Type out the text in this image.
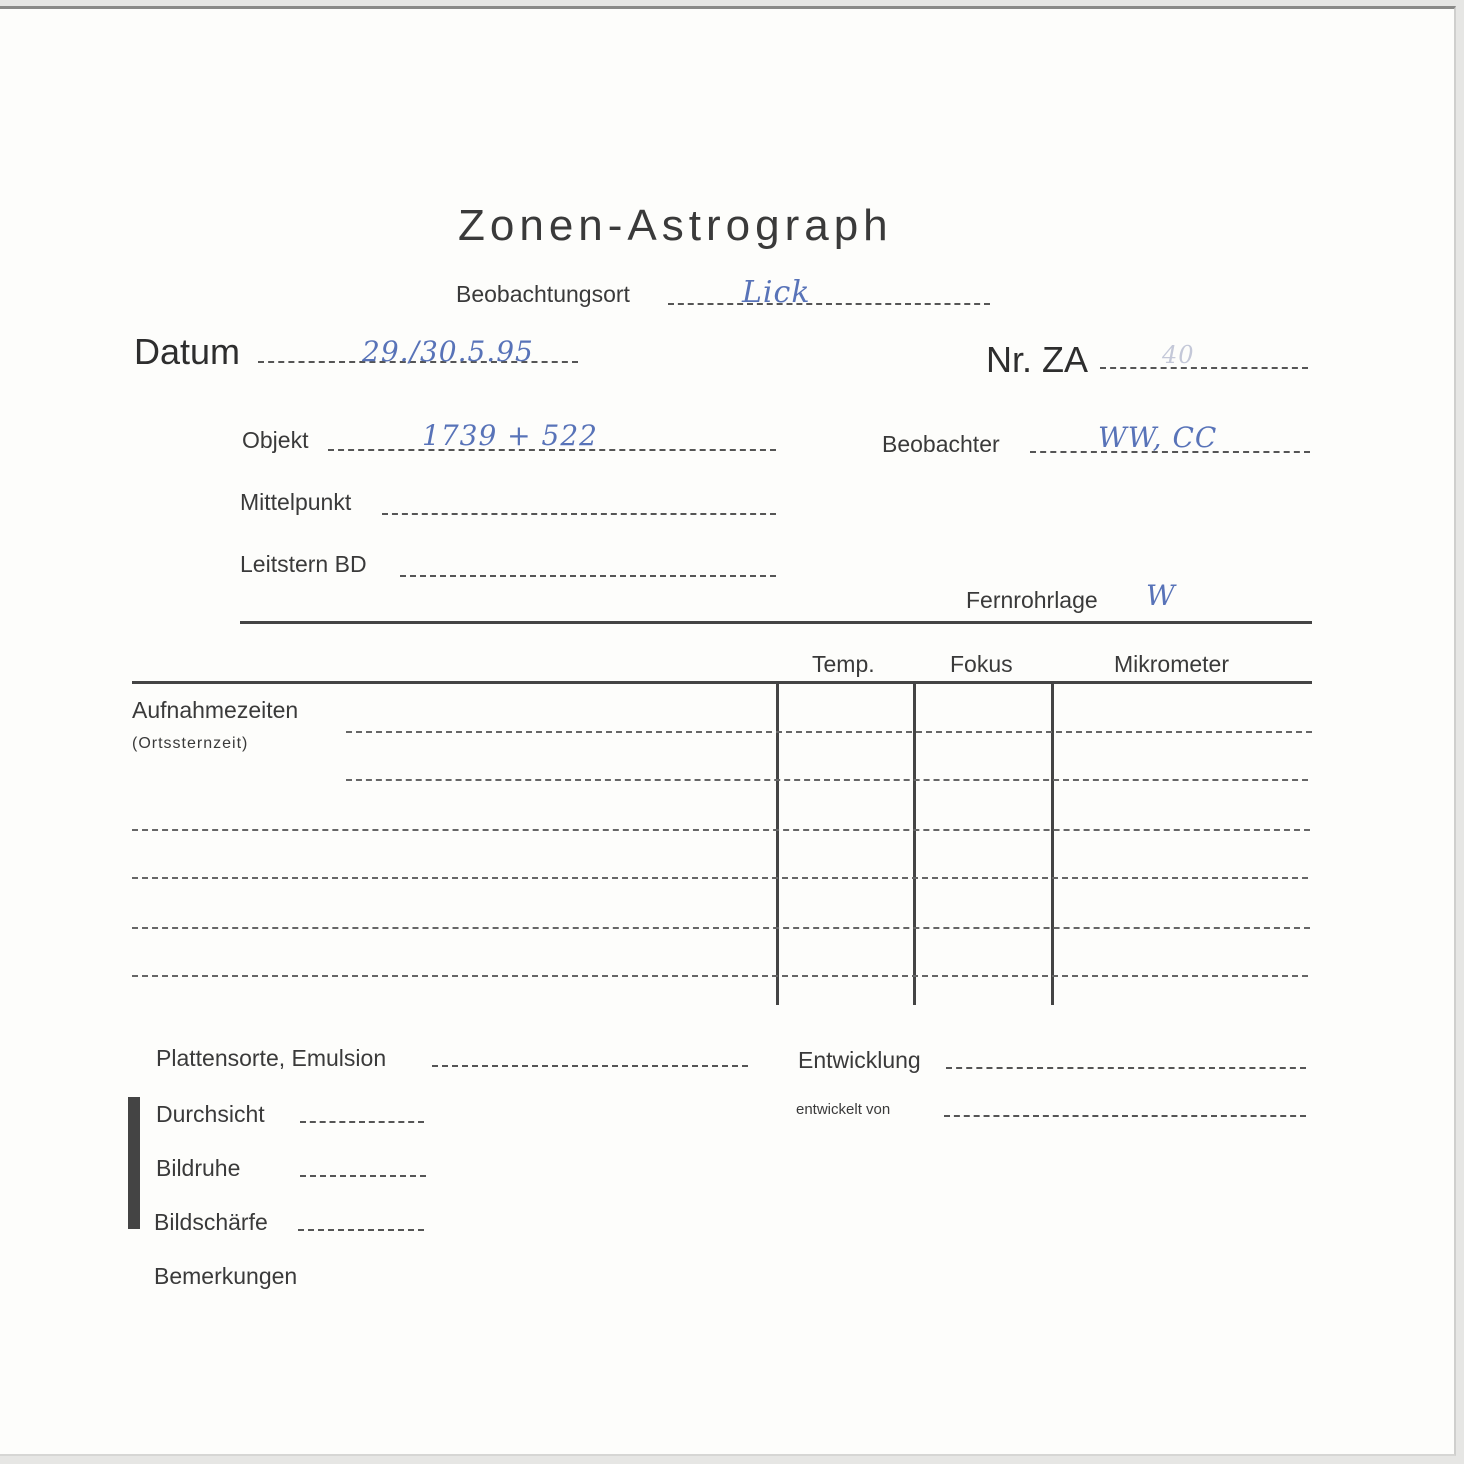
Zonen-Astrograph
Beobachtungsort	Lick
Datum	29./30.5.95	Nr. ZA	40
Objekt	1739 + 522	Beobachter	WW, CC
Mittelpunkt
Leitstern BD
Fernrohrlage W
Temp.	Fokus	Mikrometer
Aufnahmezeiten
(Ortssternzeit)
Plattensorte, Emulsion	Entwicklung
entwickelt von
Durchsicht
Bildruhe
Bildschärfe
Bemerkungen
